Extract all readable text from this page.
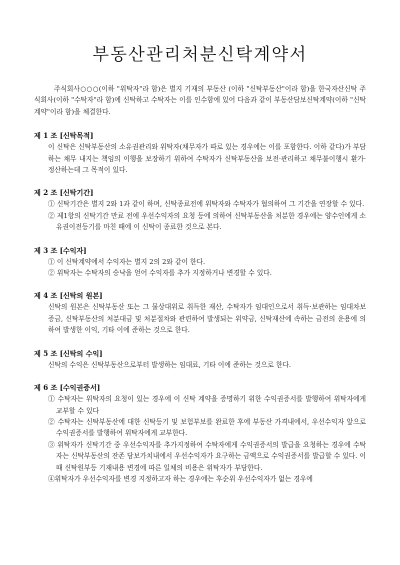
부동산관리처분신탁계약서

주식회사○○○(이하 "위탁자"라 함)은 별지 기재의 부동산 (이하 "신탁부동산"이라 함)을 한국자산신탁 주식회사(이하 "수탁자"라 함)에 신탁하고 수탁자는 이를 인수함에 있어 다음과 같이 부동산담보신탁계약(이하 "신탁계약"이라 함)을 체결한다.

제 1 조 [신탁목적]

이 신탁은 신탁부동산의 소유권관리와 위탁자(채무자가 따로 있는 경우에는 이를 포함한다. 이하 같다)가 부담하는 채무 내지는 책임의 이행을 보장하기 위하여 수탁자가 신탁부동산을 보전·관리하고 채무불이행시 환가·정산하는데 그 목적이 있다.

제 2 조 [신탁기간]

① 신탁기간은 별지 2와 1과 같이 하며, 신탁종료전에 위탁자와 수탁자가 협의하여 그 기간을 연장할 수 있다.

② 제1항의 신탁기간 만료 전에 우선수익자의 요청 등에 의하여 신탁부동산을 처분한 경우에는 양수인에게 소유권이전등기를 마친 때에 이 신탁이 종료한 것으로 본다.

제 3 조 [수익자]

① 이 신탁계약에서 수익자는 별지 2의 2와 같이 한다.

② 위탁자는 수탁자의 승낙을 얻어 수익자를 추가 지정하거나 변경할 수 있다.

제 4 조 [신탁의 원본]

신탁의 원본은 신탁부동산 또는 그 물상대위로 취득한 재산, 수탁자가 임대인으로서 취득·보관하는 임대차보증금, 신탁부동산의 처분대금 및 처분절차와 관련하여 발생되는 위약금, 신탁재산에 속하는 금전의 운용에 의하여 발생한 이익, 기타 이에 준하는 것으로 한다.

제 5 조 [신탁의 수익]

신탁의 수익은 신탁부동산으로부터 발생하는 임대료, 기타 이에 준하는 것으로 한다.

제 6 조 [수익권증서]

① 수탁자는 위탁자의 요청이 있는 경우에 이 신탁 계약을 증명하기 위한 수익권증서를 발행하여 위탁자에게 교부할 수 있다

② 수탁자는 신탁부동산에 대한 신탁등기 및 보험부보를 완료한 후에 부동산 가격내에서, 우선수익자 앞으로 수익권증서를 발행하여 위탁자에게 교부한다.

③ 위탁자가 신탁기간 중 우선수익자를 추가지정하여 수탁자에게 수익권증서의 발급을 요청하는 경우에 수탁자는 신탁부동산의 잔존 담보가치내에서 우선수익자가 요구하는 금액으로 수익권증서를 발급할 수 있다. 이때 신탁원부등 기재내용 변경에 따른 일체의 비용은 위탁자가 부담한다.

④위탁자가 우선수익자를 변경 지정하고자 하는 경우에는 후순위 우선수익자가 없는 경우에
